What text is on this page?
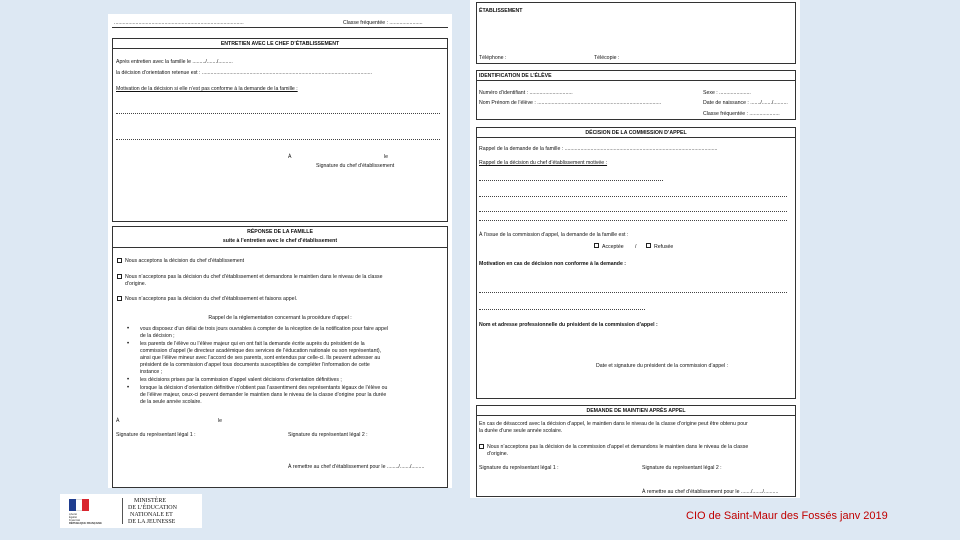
..........................................................................................	Classe fréquentée : .......................
ENTRETIEN AVEC LE CHEF D’ÉTABLISSEMENT
Après entretien avec la famille le ........./......./..........
la décision d’orientation retenue est : ......................................................................................................................
Motivation de la décision si elle n’est pas conforme à la demande de la famille :
À	le
Signature du chef d’établissement
RÉPONSE DE LA FAMILLE
suite à l’entretien avec le chef d’établissement
Nous acceptons la décision du chef d’établissement
Nous n’acceptons pas la décision du chef d’établissement et demandons le maintien dans le niveau de la classe
d’origine.
Nous n’acceptons pas la décision du chef d’établissement et faisons appel.
Rappel de la réglementation concernant la procédure d’appel :
• vous disposez d’un délai de trois jours ouvrables à compter de la réception de la notification pour faire appel
de la décision ;
• les parents de l’élève ou l’élève majeur qui en ont fait la demande écrite auprès du président de la
commission d’appel (le directeur académique des services de l’éducation nationale ou son représentant),
ainsi que l’élève mineur avec l’accord de ses parents, sont entendus par celle-ci. Ils peuvent adresser au
président de la commission d’appel tous documents susceptibles de compléter l’information de cette
instance ;
• les décisions prises par la commission d’appel valent décisions d’orientation définitives ;
• lorsque la décision d’orientation définitive n’obtient pas l’assentiment des représentants légaux de l’élève ou
de l’élève majeur, ceux-ci peuvent demander le maintien dans le niveau de la classe d’origine pour la durée
de la seule année scolaire.
À	le
Signature du représentant légal 1 :	Signature du représentant légal 2 :
À remettre au chef d’établissement pour le ......../......./.........
ÉTABLISSEMENT
Téléphone :	Télécopie :
IDENTIFICATION DE L’ÉLÈVE
Numéro d’identifiant : ..............................
Nom Prénom de l’élève : ......................................................................................
Sexe : ......................
Date de naissance : ......./......./..........
Classe fréquentée : .....................
DÉCISION DE LA COMMISSION D’APPEL
Rappel de la demande de la famille : ..........................................................................................................
Rappel de la décision du chef d’établissement motivée :
À l’issue de la commission d’appel, la demande de la famille est :
Acceptée /	Refusée
Motivation en cas de décision non conforme à la demande :
Nom et adresse professionnelle du président de la commission d’appel :
Date et signature du président de la commission d’appel :
DEMANDE DE MAINTIEN APRÈS APPEL
En cas de désaccord avec la décision d’appel, le maintien dans le niveau de la classe d’origine peut être obtenu pour
la durée d’une seule année scolaire.
Nous n’acceptons pas la décision de la commission d’appel et demandons le maintien dans le niveau de la classe
d’origine.
Signature du représentant légal 1 :	Signature du représentant légal 2 :
À remettre au chef d’établissement pour le ......./......./..........
Liberté
Égalité
Fraternité
RÉPUBLIQUE FRANÇAISE
MINISTÈRE
DE L’ÉDUCATION
NATIONALE ET
DE LA JEUNESSE	CIO de Saint-Maur des Fossés janv 2019
